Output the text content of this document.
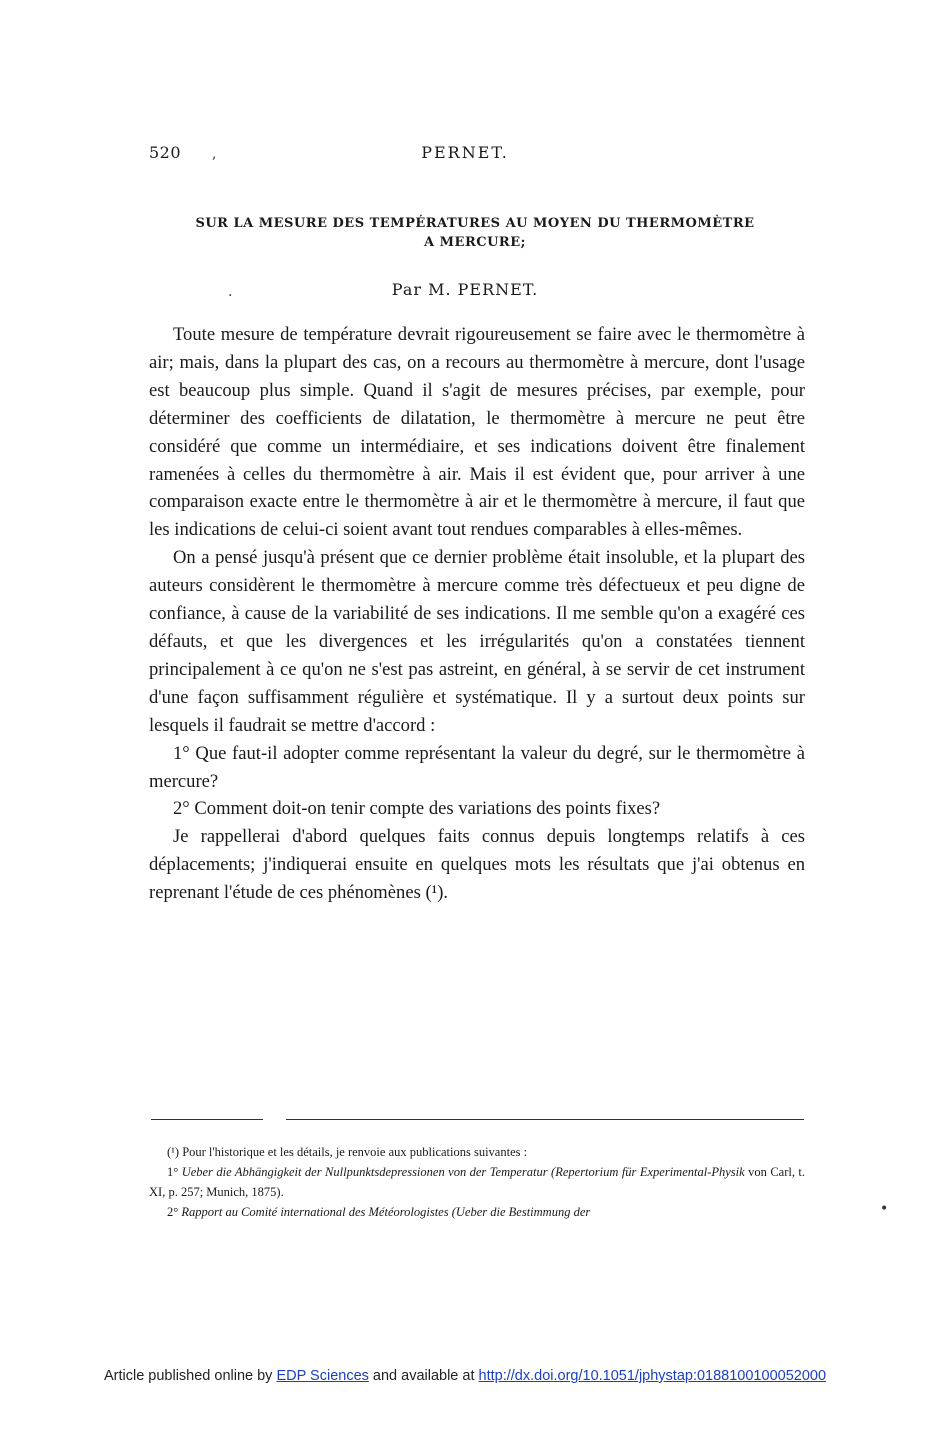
520 ,	PERNET.
SUR LA MESURE DES TEMPÉRATURES AU MOYEN DU THERMOMÈTRE
A MERCURE;
.	Par M. PERNET.

Toute mesure de température devrait rigoureusement se faire avec le thermomètre à air; mais, dans la plupart des cas, on a recours au thermomètre à mercure, dont l'usage est beaucoup plus simple. Quand il s'agit de mesures précises, par exemple, pour déterminer des coefficients de dilatation, le thermomètre à mercure ne peut être considéré que comme un intermédiaire, et ses indications doivent être finalement ramenées à celles du thermomètre à air. Mais il est évident que, pour arriver à une comparaison exacte entre le thermomètre à air et le thermomètre à mercure, il faut que les indications de celui-ci soient avant tout rendues comparables à elles-mêmes.

On a pensé jusqu'à présent que ce dernier problème était insoluble, et la plupart des auteurs considèrent le thermomètre à mercure comme très défectueux et peu digne de confiance, à cause de la variabilité de ses indications. Il me semble qu'on a exagéré ces défauts, et que les divergences et les irrégularités qu'on a constatées tiennent principalement à ce qu'on ne s'est pas astreint, en général, à se servir de cet instrument d'une façon suffisamment régulière et systématique. Il y a surtout deux points sur lesquels il faudrait se mettre d'accord :

1° Que faut-il adopter comme représentant la valeur du degré, sur le thermomètre à mercure?

2° Comment doit-on tenir compte des variations des points fixes?

Je rappellerai d'abord quelques faits connus depuis longtemps relatifs à ces déplacements; j'indiquerai ensuite en quelques mots les résultats que j'ai obtenus en reprenant l'étude de ces phénomènes (¹).

(¹) Pour l'historique et les détails, je renvoie aux publications suivantes :

1° Ueber die Abhängigkeit der Nullpunktsdepressionen von der Temperatur (Repertorium für Experimental-Physik von Carl, t. XI, p. 257; Munich, 1875).

2° Rapport au Comité international des Météorologistes (Ueber die Bestimmung der	•
Article published online by EDP Sciences and available at http://dx.doi.org/10.1051/jphystap:0188100100052000
